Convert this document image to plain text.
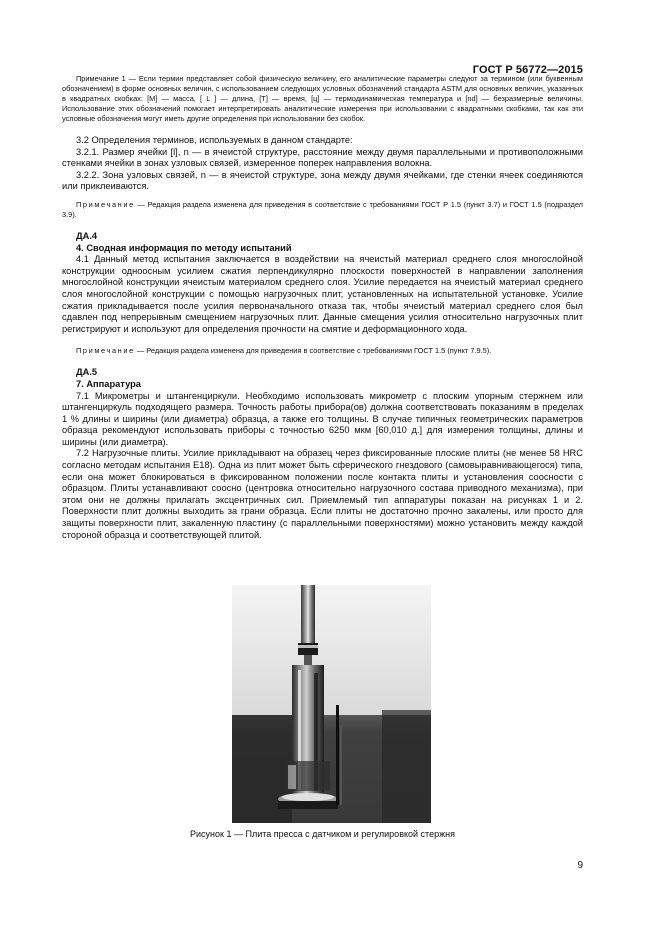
ГОСТ Р 56772—2015

Примечание 1 — Если термин представляет собой физическую величину, его аналитические параметры следуют за термином (или буквенным обозначением) в форме основных величин, с использованием следующих условных обозначений стандарта ASTM для основных величин, указанных в квадратных скобках: [M] — масса, [ L ] — длина, [T] — время, [ц] — термодинамическая температура и [nd] — безразмерные величины. Использование этих обозначений помогает интерпретировать аналитические измерения при использовании с квадратными скобками, так как эти условные обозначения могут иметь другие определения при использовании без скобок.

3.2 Определения терминов, используемых в данном стандарте:

3.2.1. Размер ячейки [l], n — в ячеистой структуре, расстояние между двумя параллельными и противоположными стенками ячейки в зонах узловых связей, измеренное поперек направления волокна.

3.2.2. Зона узловых связей, n — в ячеистой структуре, зона между двумя ячейками, где стенки ячеек соединяются или приклеиваются.

Примечание — Редакция раздела изменена для приведения в соответствие с требованиями ГОСТ Р 1.5 (пункт 3.7) и ГОСТ 1.5 (подраздел 3.9).

ДА.4

4. Сводная информация по методу испытаний

4.1 Данный метод испытания заключается в воздействии на ячеистый материал среднего слоя многослойной конструкции одноосным усилием сжатия перпендикулярно плоскости поверхностей в направлении заполнения многослойной конструкции ячеистым материалом среднего слоя. Усилие передается на ячеистый материал среднего слоя многослойной конструкции с помощью нагрузочных плит, установленных на испытательной установке. Усилие сжатия прикладывается после усилия первоначального отказа так, чтобы ячеистый материал среднего слоя был сдавлен под непрерывным смещением нагрузочных плит. Данные смещения усилия относительно нагрузочных плит регистрируют и используют для определения прочности на смятие и деформационного хода.

Примечание — Редакция раздела изменена для приведения в соответствие с требованиями ГОСТ 1.5 (пункт 7.9.5).

ДА.5

7. Аппаратура

7.1 Микрометры и штангенциркули. Необходимо использовать микрометр с плоским упорным стержнем или штангенциркуль подходящего размера. Точность работы прибора(ов) должна соответствовать показаниям в пределах 1 % длины и ширины (или диаметра) образца, а также его толщины. В случае типичных геометрических параметров образца рекомендуют использовать приборы с точностью 6250 мкм [60,010 д.] для измерения толщины, длины и ширины (или диаметра).

7.2 Нагрузочные плиты. Усилие прикладывают на образец через фиксированные плоские плиты (не менее 58 HRC согласно методам испытания E18). Одна из плит может быть сферического гнездового (самовыравнивающегося) типа, если она может блокироваться в фиксированном положении после контакта плиты и установления соосности с образцом. Плиты устанавливают соосно (центровка относительно нагрузочного состава приводного механизма), при этом они не должны прилагать эксцентричных сил. Приемлемый тип аппаратуры показан на рисунках 1 и 2. Поверхности плит должны выходить за грани образца. Если плиты не достаточно прочно закалены, или просто для защиты поверхности плит, закаленную пластину (с параллельными поверхностями) можно установить между каждой стороной образца и соответствующей плитой.

Рисунок 1 — Плита пресса с датчиком и регулировкой стержня
9
